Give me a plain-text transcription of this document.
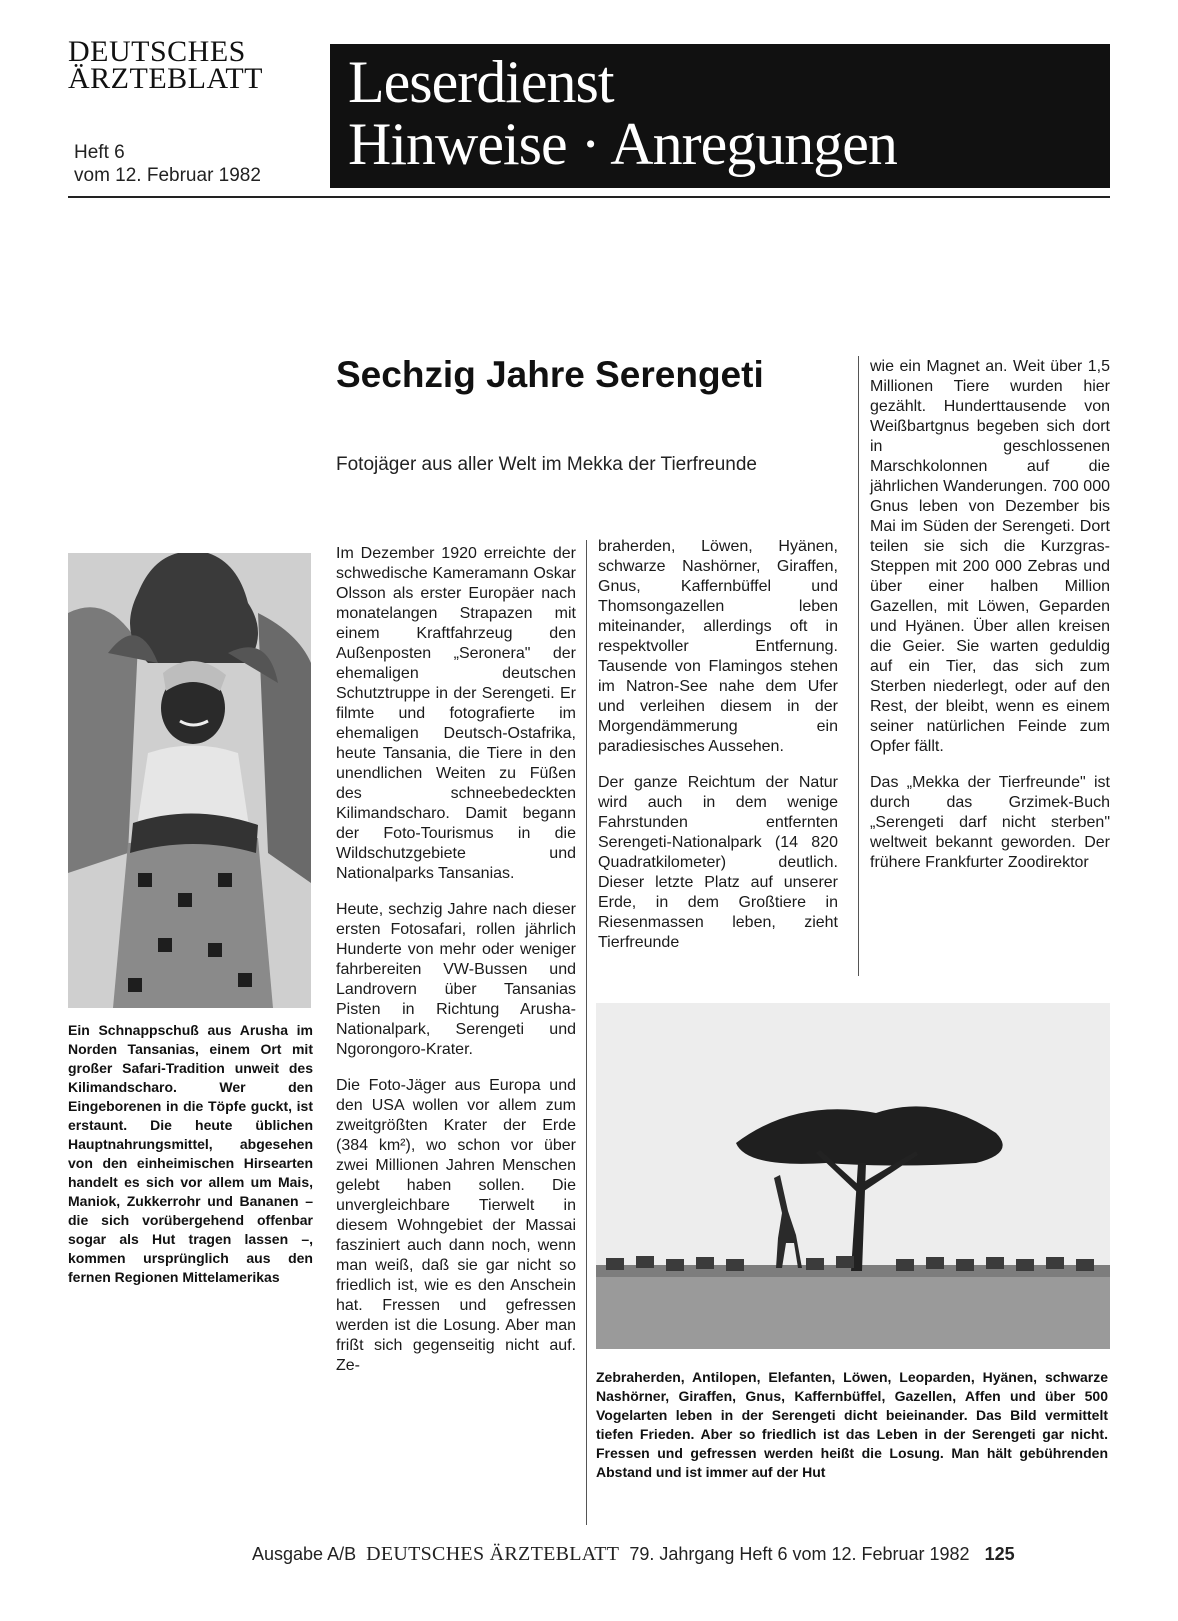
DEUTSCHES
ÄRZTEBLATT
Heft 6
vom 12. Februar 1982
Leserdienst
Hinweise · Anregungen
Sechzig Jahre Serengeti
Fotojäger aus aller Welt im Mekka der Tierfreunde
Ein Schnappschuß aus Arusha im Norden Tansanias, einem Ort mit großer Safari-Tradition unweit des Kilimandscharo. Wer den Eingeborenen in die Töpfe guckt, ist erstaunt. Die heute üblichen Hauptnahrungsmittel, abgesehen von den einheimischen Hirsearten handelt es sich vor allem um Mais, Maniok, Zukkerrohr und Bananen – die sich vorübergehend offenbar sogar als Hut tragen lassen –, kommen ursprünglich aus den fernen Regionen Mittelamerikas

Im Dezember 1920 erreichte der schwedische Kameramann Oskar Olsson als erster Europäer nach monatelangen Strapazen mit einem Kraftfahrzeug den Außenposten „Seronera" der ehemaligen deutschen Schutztruppe in der Serengeti. Er filmte und fotografierte im ehemaligen Deutsch-Ostafrika, heute Tansania, die Tiere in den unendlichen Weiten zu Füßen des schneebedeckten Kilimandscharo. Damit begann der Foto-Tourismus in die Wildschutzgebiete und Nationalparks Tansanias.

Heute, sechzig Jahre nach dieser ersten Fotosafari, rollen jährlich Hunderte von mehr oder weniger fahrbereiten VW-Bussen und Landrovern über Tansanias Pisten in Richtung Arusha-Nationalpark, Serengeti und Ngorongoro-Krater.

Die Foto-Jäger aus Europa und den USA wollen vor allem zum zweitgrößten Krater der Erde (384 km²), wo schon vor über zwei Millionen Jahren Menschen gelebt haben sollen. Die unvergleichbare Tierwelt in diesem Wohngebiet der Massai fasziniert auch dann noch, wenn man weiß, daß sie gar nicht so friedlich ist, wie es den Anschein hat. Fressen und gefressen werden ist die Losung. Aber man frißt sich gegenseitig nicht auf. Ze-

braherden, Löwen, Hyänen, schwarze Nashörner, Giraffen, Gnus, Kaffernbüffel und Thomsongazellen leben miteinander, allerdings oft in respektvoller Entfernung. Tausende von Flamingos stehen im Natron-See nahe dem Ufer und verleihen diesem in der Morgendämmerung ein paradiesisches Aussehen.

Der ganze Reichtum der Natur wird auch in dem wenige Fahrstunden entfernten Serengeti-Nationalpark (14 820 Quadratkilometer) deutlich. Dieser letzte Platz auf unserer Erde, in dem Großtiere in Riesenmassen leben, zieht Tierfreunde

wie ein Magnet an. Weit über 1,5 Millionen Tiere wurden hier gezählt. Hunderttausende von Weißbartgnus begeben sich dort in geschlossenen Marschkolonnen auf die jährlichen Wanderungen. 700 000 Gnus leben von Dezember bis Mai im Süden der Serengeti. Dort teilen sie sich die Kurzgras-Steppen mit 200 000 Zebras und über einer halben Million Gazellen, mit Löwen, Geparden und Hyänen. Über allen kreisen die Geier. Sie warten geduldig auf ein Tier, das sich zum Sterben niederlegt, oder auf den Rest, der bleibt, wenn es einem seiner natürlichen Feinde zum Opfer fällt.

Das „Mekka der Tierfreunde" ist durch das Grzimek-Buch „Serengeti darf nicht sterben" weltweit bekannt geworden. Der frühere Frankfurter Zoodirektor

Zebraherden, Antilopen, Elefanten, Löwen, Leoparden, Hyänen, schwarze Nashörner, Giraffen, Gnus, Kaffernbüffel, Gazellen, Affen und über 500 Vogelarten leben in der Serengeti dicht beieinander. Das Bild vermittelt tiefen Frieden. Aber so friedlich ist das Leben in der Serengeti gar nicht. Fressen und gefressen werden heißt die Losung. Man hält gebührenden Abstand und ist immer auf der Hut
Ausgabe A/B DEUTSCHES ÄRZTEBLATT 79. Jahrgang Heft 6 vom 12. Februar 1982 125
